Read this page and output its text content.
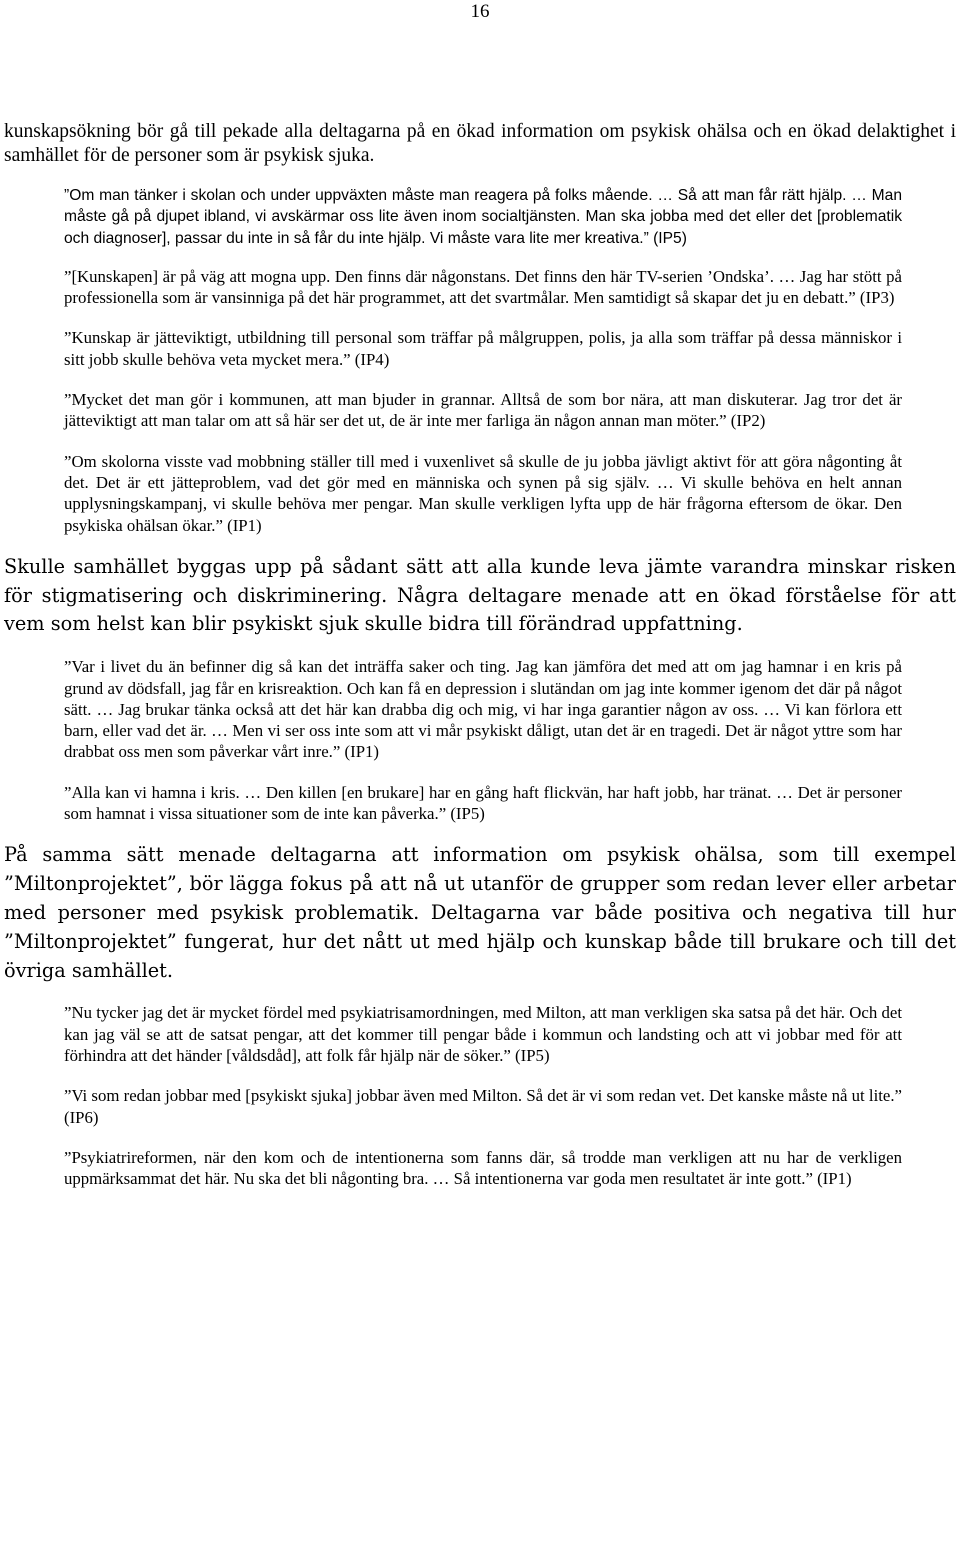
16

kunskapsökning bör gå till pekade alla deltagarna på en ökad information om psykisk ohälsa och en ökad delaktighet i samhället för de personer som är psykisk sjuka.

”Om man tänker i skolan och under uppväxten måste man reagera på folks mående. … Så att man får rätt hjälp. … Man måste gå på djupet ibland, vi avskärmar oss lite även inom socialtjänsten. Man ska jobba med det eller det [problematik och diagnoser], passar du inte in så får du inte hjälp. Vi måste vara lite mer kreativa.” (IP5)

”[Kunskapen] är på väg att mogna upp. Den finns där någonstans. Det finns den här TV-serien ’Ondska’. … Jag har stött på professionella som är vansinniga på det här programmet, att det svartmålar. Men samtidigt så skapar det ju en debatt.” (IP3)

”Kunskap är jätteviktigt, utbildning till personal som träffar på målgruppen, polis, ja alla som träffar på dessa människor i sitt jobb skulle behöva veta mycket mera.” (IP4)

”Mycket det man gör i kommunen, att man bjuder in grannar. Alltså de som bor nära, att man diskuterar. Jag tror det är jätteviktigt att man talar om att så här ser det ut, de är inte mer farliga än någon annan man möter.” (IP2)

”Om skolorna visste vad mobbning ställer till med i vuxenlivet så skulle de ju jobba jävligt aktivt för att göra någonting åt det. Det är ett jätteproblem, vad det gör med en människa och synen på sig själv. … Vi skulle behöva en helt annan upplysningskampanj, vi skulle behöva mer pengar. Man skulle verkligen lyfta upp de här frågorna eftersom de ökar. Den psykiska ohälsan ökar.” (IP1)

Skulle samhället byggas upp på sådant sätt att alla kunde leva jämte varandra minskar risken för stigmatisering och diskriminering. Några deltagare menade att en ökad förståelse för att vem som helst kan blir psykiskt sjuk skulle bidra till förändrad uppfattning.

”Var i livet du än befinner dig så kan det inträffa saker och ting. Jag kan jämföra det med att om jag hamnar i en kris på grund av dödsfall, jag får en krisreaktion. Och kan få en depression i slutändan om jag inte kommer igenom det där på något sätt. … Jag brukar tänka också att det här kan drabba dig och mig, vi har inga garantier någon av oss. … Vi kan förlora ett barn, eller vad det är. … Men vi ser oss inte som att vi mår psykiskt dåligt, utan det är en tragedi. Det är något yttre som har drabbat oss men som påverkar vårt inre.” (IP1)

”Alla kan vi hamna i kris. … Den killen [en brukare] har en gång haft flickvän, har haft jobb, har tränat. … Det är personer som hamnat i vissa situationer som de inte kan påverka.” (IP5)

På samma sätt menade deltagarna att information om psykisk ohälsa, som till exempel ”Miltonprojektet”, bör lägga fokus på att nå ut utanför de grupper som redan lever eller arbetar med personer med psykisk problematik. Deltagarna var både positiva och negativa till hur ”Miltonprojektet” fungerat, hur det nått ut med hjälp och kunskap både till brukare och till det övriga samhället.

”Nu tycker jag det är mycket fördel med psykiatrisamordningen, med Milton, att man verkligen ska satsa på det här. Och det kan jag väl se att de satsat pengar, att det kommer till pengar både i kommun och landsting och att vi jobbar med för att förhindra att det händer [våldsdåd], att folk får hjälp när de söker.” (IP5)

”Vi som redan jobbar med [psykiskt sjuka] jobbar även med Milton. Så det är vi som redan vet. Det kanske måste nå ut lite.” (IP6)

”Psykiatrireformen, när den kom och de intentionerna som fanns där, så trodde man verkligen att nu har de verkligen uppmärksammat det här. Nu ska det bli någonting bra. … Så intentionerna var goda men resultatet är inte gott.” (IP1)
